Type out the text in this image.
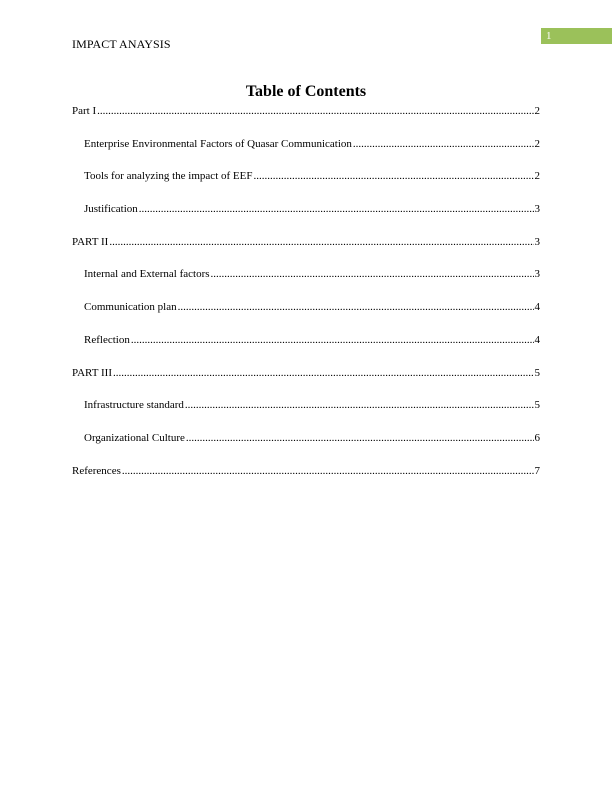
1
IMPACT ANAYSIS
Table of Contents
Part I .....	2
Enterprise Environmental Factors of Quasar Communication .....	2
Tools for analyzing the impact of EEF .....	2
Justification .....	3
PART II .....	3
Internal and External factors .....	3
Communication plan .....	4
Reflection .....	4
PART III .....	5
Infrastructure standard .....	5
Organizational Culture .....	6
References .....	7
